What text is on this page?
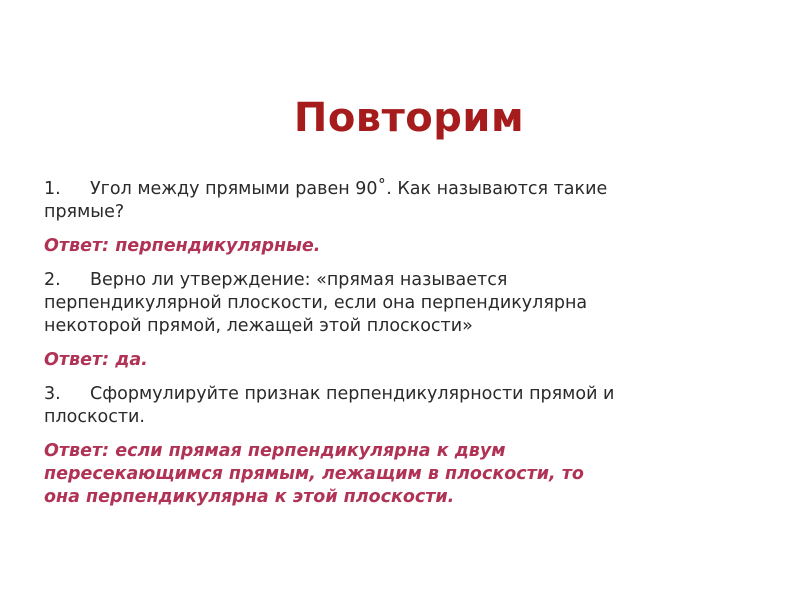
Повторим
1. Угол между прямыми равен 90˚. Как называются такие
прямые?
Ответ: перпендикулярные.
2. Верно ли утверждение: «прямая называется
перпендикулярной плоскости, если она перпендикулярна
некоторой прямой, лежащей этой плоскости»
Ответ: да.
3. Сформулируйте признак перпендикулярности прямой и
плоскости.
Ответ: если прямая перпендикулярна к двум
пересекающимся прямым, лежащим в плоскости, то
она перпендикулярна к этой плоскости.
